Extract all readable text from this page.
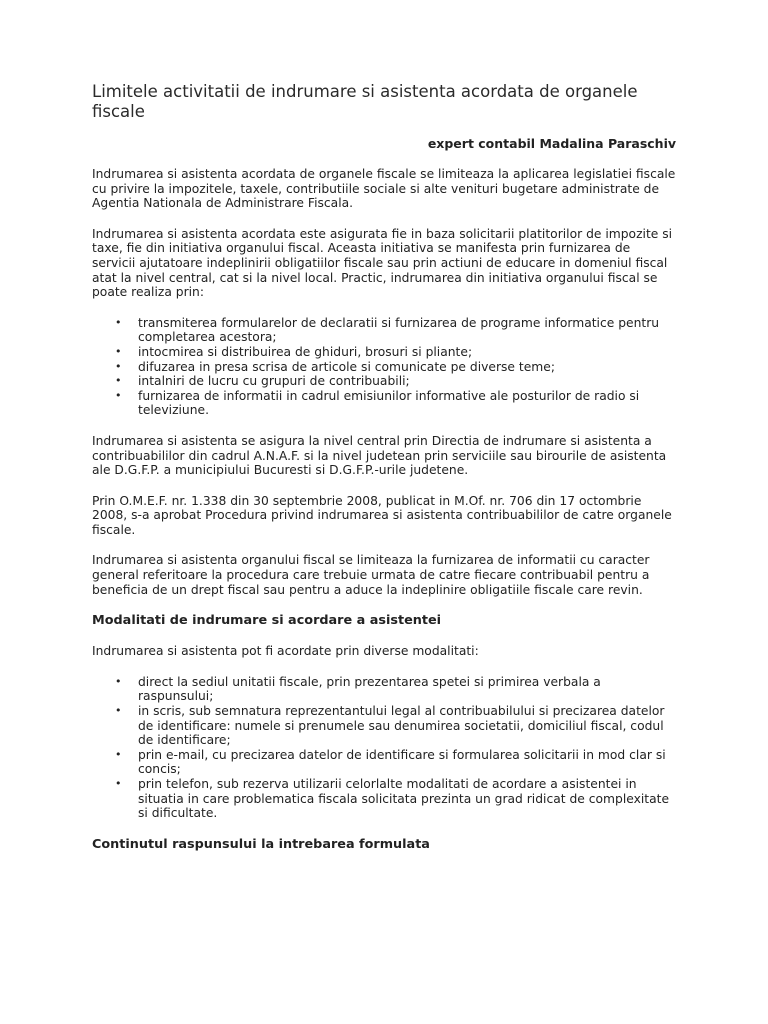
Limitele activitatii de indrumare si asistenta acordata de organele fiscale
expert contabil Madalina Paraschiv

Indrumarea si asistenta acordata de organele fiscale se limiteaza la aplicarea legislatiei fiscale cu privire la impozitele, taxele, contributiile sociale si alte venituri bugetare administrate de Agentia Nationala de Administrare Fiscala.

Indrumarea si asistenta acordata este asigurata fie in baza solicitarii platitorilor de impozite si taxe, fie din initiativa organului fiscal. Aceasta initiativa se manifesta prin furnizarea de servicii ajutatoare indeplinirii obligatiilor fiscale sau prin actiuni de educare in domeniul fiscal atat la nivel central, cat si la nivel local. Practic, indrumarea din initiativa organului fiscal se poate realiza prin:

• transmiterea formularelor de declaratii si furnizarea de programe informatice pentru completarea acestora;
• intocmirea si distribuirea de ghiduri, brosuri si pliante;
• difuzarea in presa scrisa de articole si comunicate pe diverse teme;
• intalniri de lucru cu grupuri de contribuabili;
• furnizarea de informatii in cadrul emisiunilor informative ale posturilor de radio si televiziune.

Indrumarea si asistenta se asigura la nivel central prin Directia de indrumare si asistenta a contribuabililor din cadrul A.N.A.F. si la nivel judetean prin serviciile sau birourile de asistenta ale D.G.F.P. a municipiului Bucuresti si D.G.F.P.-urile judetene.

Prin O.M.E.F. nr. 1.338 din 30 septembrie 2008, publicat in M.Of. nr. 706 din 17 octombrie 2008, s-a aprobat Procedura privind indrumarea si asistenta contribuabililor de catre organele fiscale.

Indrumarea si asistenta organului fiscal se limiteaza la furnizarea de informatii cu caracter general referitoare la procedura care trebuie urmata de catre fiecare contribuabil pentru a beneficia de un drept fiscal sau pentru a aduce la indeplinire obligatiile fiscale care revin.

Modalitati de indrumare si acordare a asistentei

Indrumarea si asistenta pot fi acordate prin diverse modalitati:

• direct la sediul unitatii fiscale, prin prezentarea spetei si primirea verbala a raspunsului;
• in scris, sub semnatura reprezentantului legal al contribuabilului si precizarea datelor de identificare: numele si prenumele sau denumirea societatii, domiciliul fiscal, codul de identificare;
• prin e-mail, cu precizarea datelor de identificare si formularea solicitarii in mod clar si concis;
• prin telefon, sub rezerva utilizarii celorlalte modalitati de acordare a asistentei in situatia in care problematica fiscala solicitata prezinta un grad ridicat de complexitate si dificultate.
Continutul raspunsului la intrebarea formulata
